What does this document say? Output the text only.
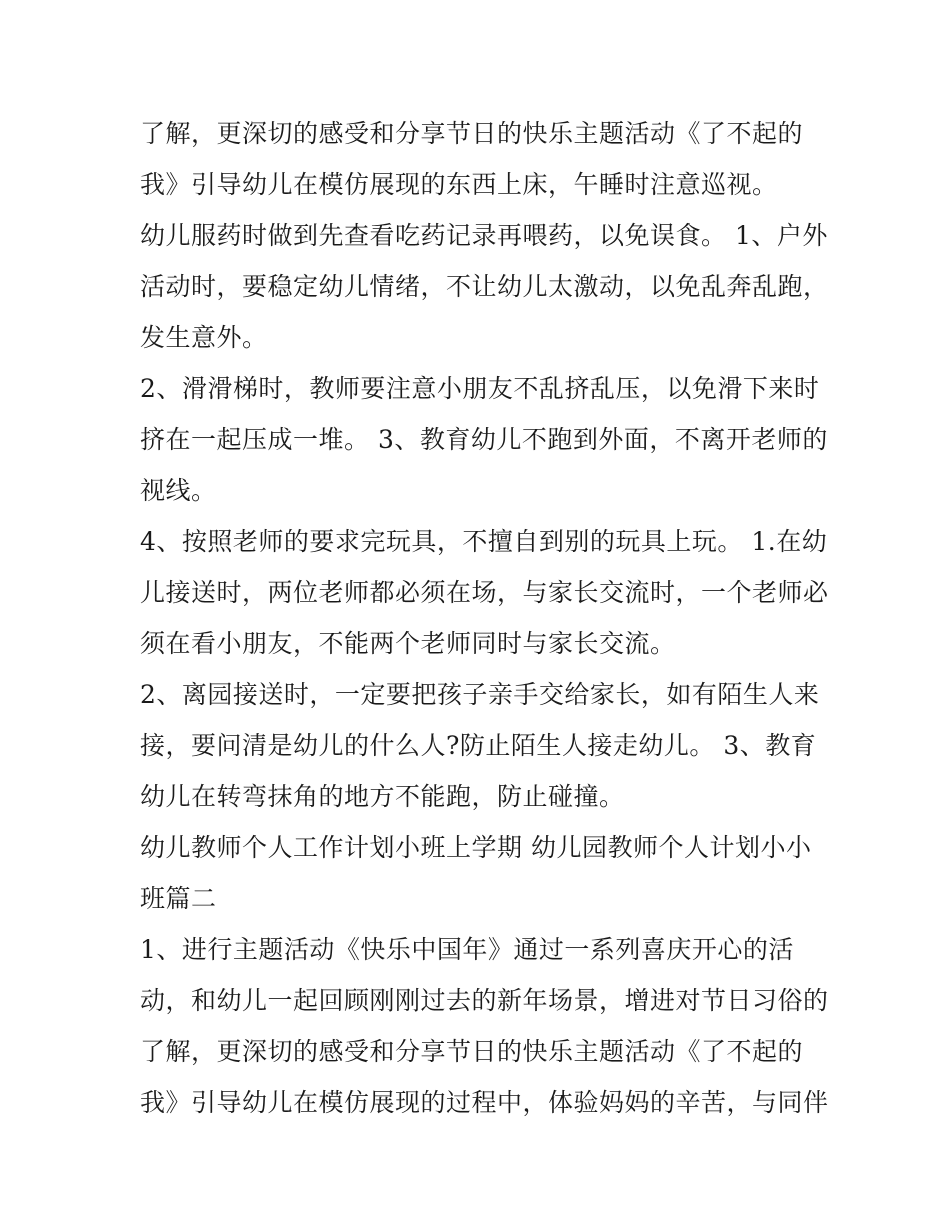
了解，更深切的感受和分享节日的快乐主题活动《了不起的
我》引导幼儿在模仿展现的东西上床，午睡时注意巡视。
幼儿服药时做到先查看吃药记录再喂药，以免误食。 1、户外
活动时，要稳定幼儿情绪，不让幼儿太激动，以免乱奔乱跑，
发生意外。
2、滑滑梯时，教师要注意小朋友不乱挤乱压，以免滑下来时
挤在一起压成一堆。 3、教育幼儿不跑到外面，不离开老师的
视线。
4、按照老师的要求完玩具，不擅自到别的玩具上玩。 1.在幼
儿接送时，两位老师都必须在场，与家长交流时，一个老师必
须在看小朋友，不能两个老师同时与家长交流。
2、离园接送时，一定要把孩子亲手交给家长，如有陌生人来
接，要问清是幼儿的什么人?防止陌生人接走幼儿。 3、教育
幼儿在转弯抹角的地方不能跑，防止碰撞。
幼儿教师个人工作计划小班上学期 幼儿园教师个人计划小小
班篇二
1、进行主题活动《快乐中国年》通过一系列喜庆开心的活
动，和幼儿一起回顾刚刚过去的新年场景，增进对节日习俗的
了解，更深切的感受和分享节日的快乐主题活动《了不起的
我》引导幼儿在模仿展现的过程中，体验妈妈的辛苦，与同伴
